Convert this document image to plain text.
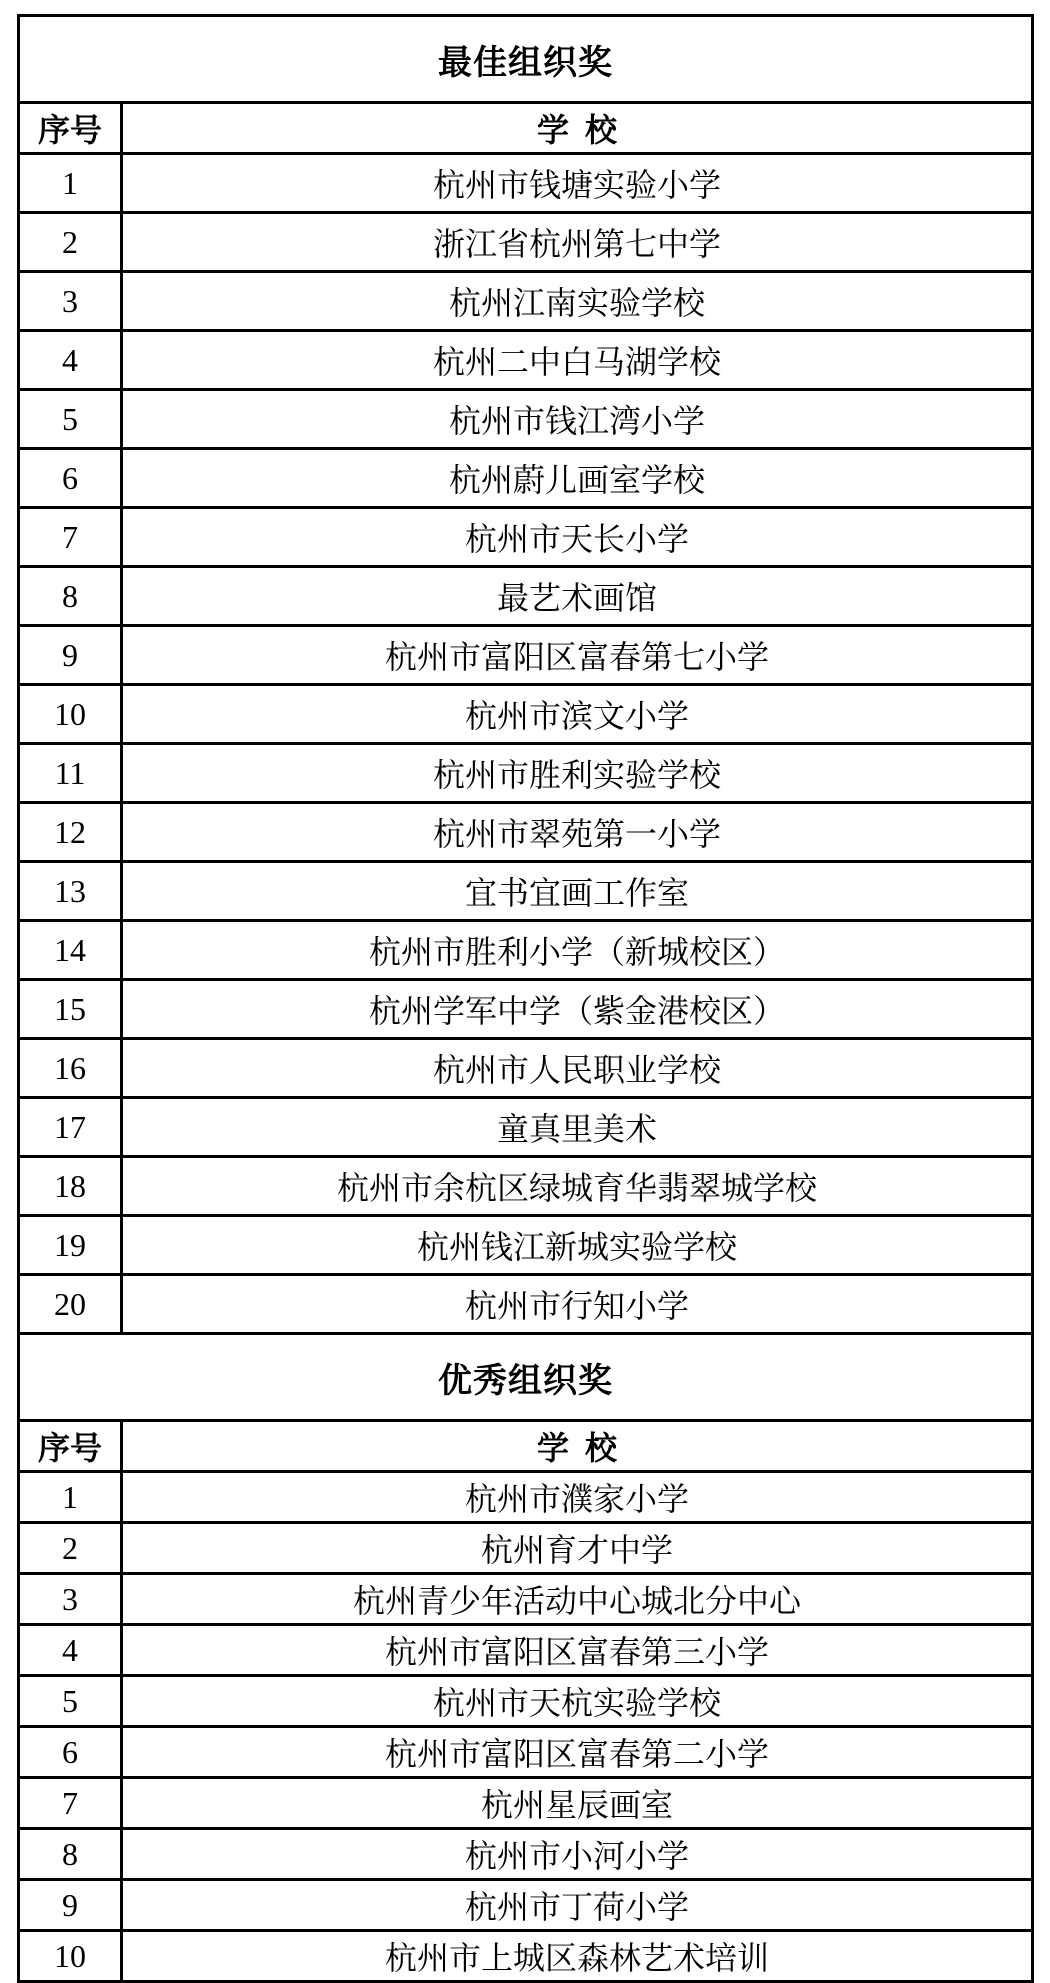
最佳组织奖	
序号	学  校
1	杭州市钱塘实验小学
2	浙江省杭州第七中学
3	杭州江南实验学校
4	杭州二中白马湖学校
5	杭州市钱江湾小学
6	杭州蔚儿画室学校
7	杭州市天长小学
8	最艺术画馆
9	杭州市富阳区富春第七小学
10	杭州市滨文小学
11	杭州市胜利实验学校
12	杭州市翠苑第一小学
13	宜书宜画工作室
14	杭州市胜利小学（新城校区）
15	杭州学军中学（紫金港校区）
16	杭州市人民职业学校
17	童真里美术
18	杭州市余杭区绿城育华翡翠城学校
19	杭州钱江新城实验学校
20	杭州市行知小学
优秀组织奖	
序号	学  校
1	杭州市濮家小学
2	杭州育才中学
3	杭州青少年活动中心城北分中心
4	杭州市富阳区富春第三小学
5	杭州市天杭实验学校
6	杭州市富阳区富春第二小学
7	杭州星辰画室
8	杭州市小河小学
9	杭州市丁荷小学
10	杭州市上城区森林艺术培训
